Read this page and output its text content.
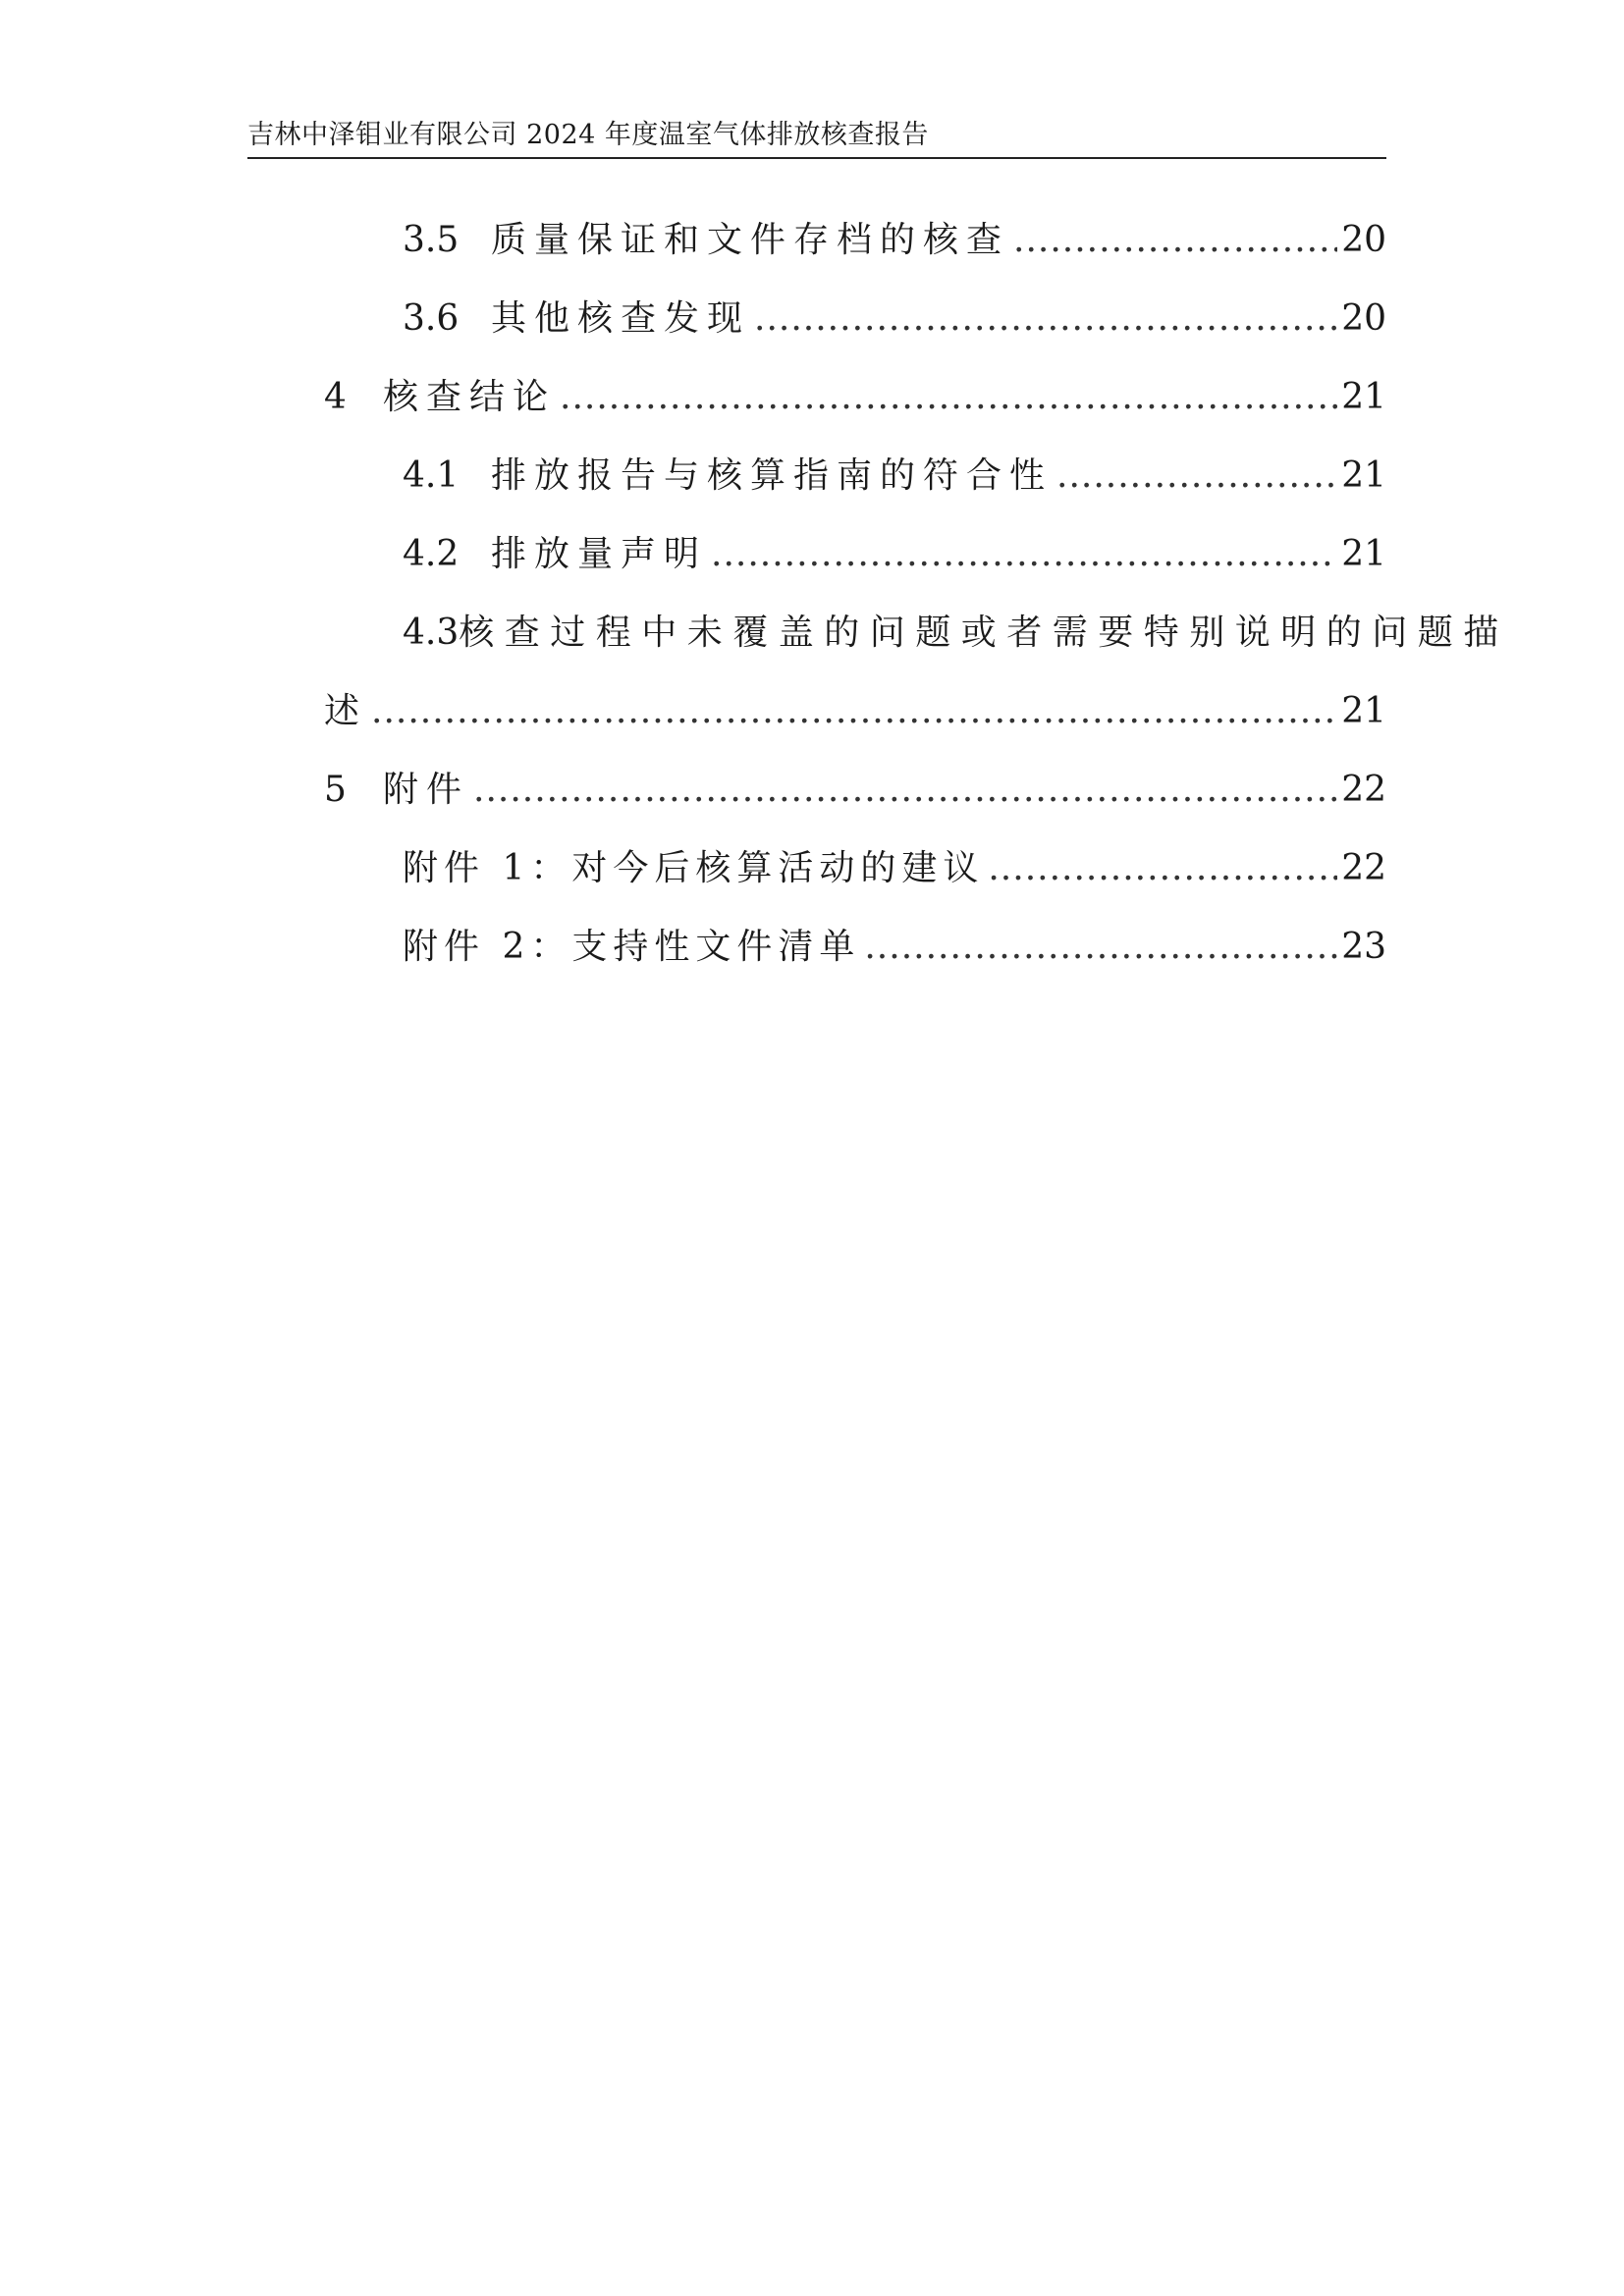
吉林中泽钼业有限公司 2024 年度温室气体排放核查报告
3.5 质量保证和文件存档的核查 .....	20
3.6 其他核查发现 .....	20
4	核查结论 .....	21
4.1 排放报告与核算指南的符合性 .....	21
4.2 排放量声明 .....	21
4.3 核查过程中未覆盖的问题或者需要特别说明的问题描
述 .....	21
5	附件 .....	22
附件 1：对今后核算活动的建议 .....	22
附件 2：支持性文件清单 .....	23
